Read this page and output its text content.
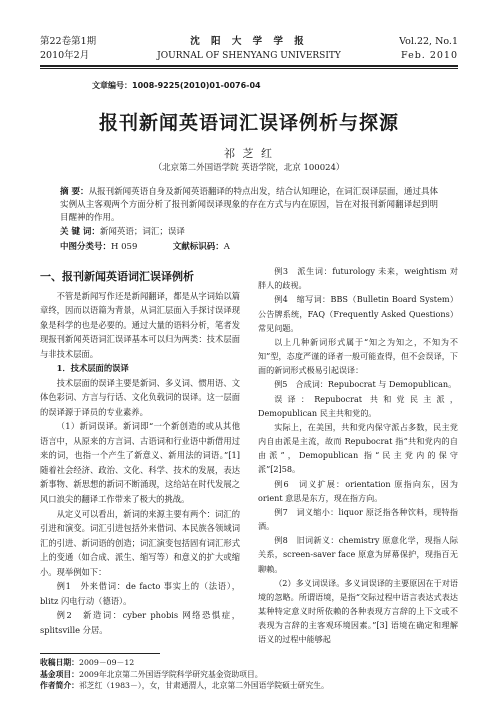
第22卷第1期
2010年2月
沈 阳 大 学 学 报
JOURNAL OF SHENYANG UNIVERSITY
Vol.22, No.1
Feb. 2010
文章编号：1008-9225(2010)01-0076-04
报刊新闻英语词汇误译例析与探源
祁 芝 红
（北京第二外国语学院 英语学院，北京 100024）
摘 要：从报刊新闻英语自身及新闻英语翻译的特点出发，结合认知理论，在词汇误译层面，通过具体实例从主客观两个方面分析了报刊新闻误译现象的存在方式与内在原因，旨在对报刊新闻翻译起到明目醒神的作用。
关 键 词：新闻英语；词汇；误译
中图分类号：H 059	文献标识码：A

一、报刊新闻英语词汇误译例析

不管是新闻写作还是新闻翻译，都是从字词始以篇章终，因而以语篇为背景，从词汇层面入手探讨误译现象是科学的也是必要的。通过大量的语料分析，笔者发现报刊新闻英语词汇误译基本可以归为两类：技术层面与非技术层面。

1．技术层面的误译

技术层面的误译主要是新词、多义词、惯用语、文体色彩词、方言与行话、文化负载词的误译。这一层面的误译源于译员的专业素养。

（1）新词误译。新词即“一个新创造的或从其他语言中，从原来的方言词、古语词和行业语中新借用过来的词，也指一个产生了新意义、新用法的词语。”[1] 随着社会经济、政治、文化、科学、技术的发展，表达新事物、新思想的新词不断涌现，这给站在时代发展之风口浪尖的翻译工作带来了极大的挑战。

从定义可以看出，新词的来源主要有两个：词汇的引进和演变。词汇引进包括外来借词、本民族各领域词汇的引进、新词语的创造；词汇演变包括固有词汇形式上的变通（如合成、派生、缩写等）和意义的扩大或缩小。现举例如下：

例1　外来借词：de facto 事实上的（法语），blitz 闪电行动（德语）。

例2　新造词：cyber phobis 网络恐惧症，splitsville 分居。

例3　派生词：futurology 未来，weightism 对胖人的歧视。

例4　缩写词：BBS（Bulletin Board System）公告牌系统，FAQ（Frequently Asked Questions）常见问题。

以上几种新词形式属于“知之为知之，不知为不知”型，态度严谨的译者一般可能查得，但不会误译，下面的新词形式极易引起误译：

例5　合成词：Repubocrat 与 Demopublican。

误译：Repubocrat 共和党民主派，Demopublican 民主共和党的。

实际上，在美国，共和党内保守派占多数，民主党内自由派是主流，故而 Repubocrat 指“共和党内的自由派”，Demopublican 指“民主党内的保守派”[2]58。

例6　词义扩展：orientation 原指向东，因为 orient 意思是东方，现在指方向。

例7　词义缩小：liquor 原泛指各种饮料，现特指酒。

例8　旧词新义：chemistry 原意化学，现指人际关系，screen-saver face 原意为屏幕保护，现指百无聊赖。

（2）多义词误译。多义词误译的主要原因在于对语境的忽略。所谓语境，是指“交际过程中语言表达式表达某种特定意义时所依赖的各种表现方言辞的上下文或不表现为言辞的主客观环境因素。”[3] 语境在确定和理解语义的过程中能够起

收稿日期：2009－09－12
基金项目：2009年北京第二外国语学院科学研究基金资助项目。
作者简介：祁芝红（1983－），女，甘肃通渭人，北京第二外国语学院硕士研究生。
